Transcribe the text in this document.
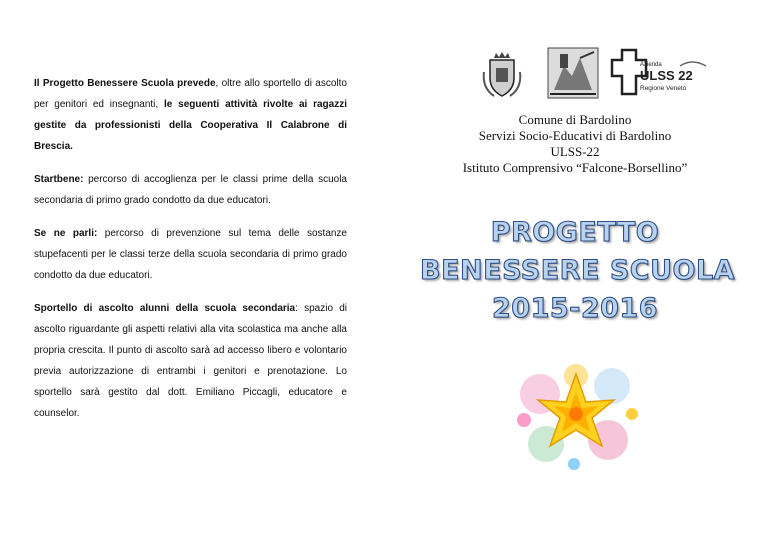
Il Progetto Benessere Scuola prevede, oltre allo sportello di ascolto per genitori ed insegnanti, le seguenti attività rivolte ai ragazzi gestite da professionisti della Cooperativa Il Calabrone di Brescia.

Startbene: percorso di accoglienza per le classi prime della scuola secondaria di primo grado condotto da due educatori.

Se ne parli: percorso di prevenzione sul tema delle sostanze stupefacenti per le classi terze della scuola secondaria di primo grado condotto da due educatori.

Sportello di ascolto alunni della scuola secondaria: spazio di ascolto riguardante gli aspetti relativi alla vita scolastica ma anche alla propria crescita. Il punto di ascolto sarà ad accesso libero e volontario previa autorizzazione di entrambi i genitori e prenotazione. Lo sportello sarà gestito dal dott. Emiliano Piccagli, educatore e counselor.

Azienda
ULSS 22
Regione Veneto
Comune di Bardolino
Servizi Socio-Educativi di Bardolino
ULSS-22
Istituto Comprensivo “Falcone-Borsellino”
PROGETTO
BENESSERE SCUOLA
2015-2016
